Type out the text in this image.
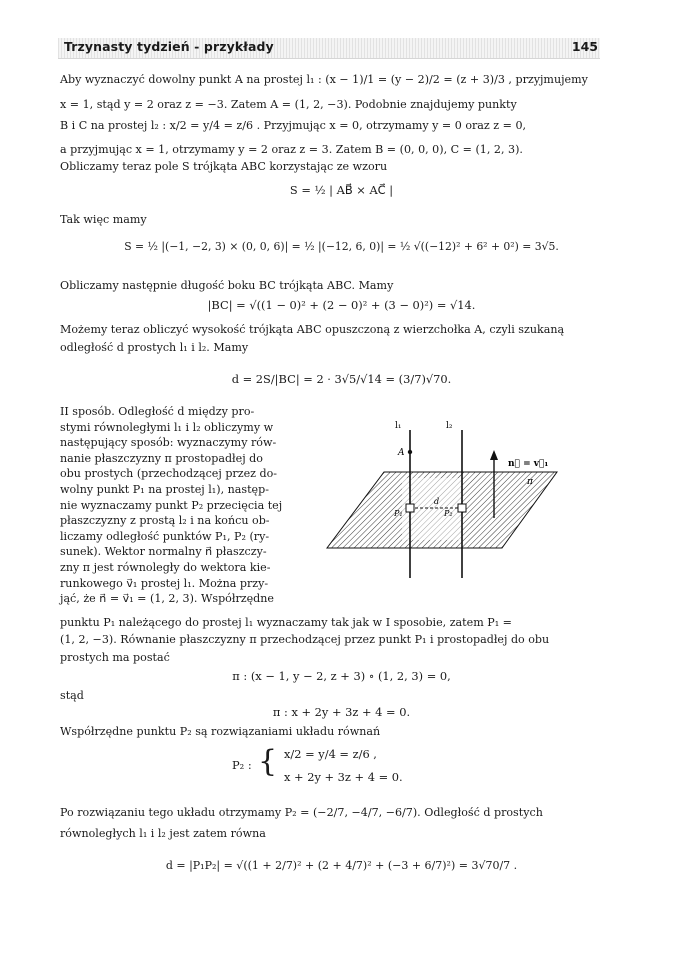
Trzynasty tydzień - przykłady	145
Aby wyznaczyć dowolny punkt A na prostej l₁ : (x − 1)/1 = (y − 2)/2 = (z + 3)/3 , przyjmujemy
x = 1, stąd y = 2 oraz z = −3. Zatem A = (1, 2, −3). Podobnie znajdujemy punkty
B i C na prostej l₂ : x/2 = y/4 = z/6 . Przyjmując x = 0, otrzymamy y = 0 oraz z = 0,
a przyjmując x = 1, otrzymamy y = 2 oraz z = 3. Zatem B = (0, 0, 0), C = (1, 2, 3).
Obliczamy teraz pole S trójkąta ABC korzystając ze wzoru
S = ½ | AB⃗ × AC⃗ |
Tak więc mamy
S = ½ |(−1, −2, 3) × (0, 0, 6)| = ½ |(−12, 6, 0)| = ½ √((−12)² + 6² + 0²) = 3√5.
Obliczamy następnie długość boku BC trójkąta ABC. Mamy
|BC| = √((1 − 0)² + (2 − 0)² + (3 − 0)²) = √14.
Możemy teraz obliczyć wysokość trójkąta ABC opuszczoną z wierzchołka A, czyli szukaną
odległość d prostych l₁ i l₂. Mamy
d = 2S/|BC| = 2 · 3√5/√14 = (3/7)√70.
II sposób. Odległość d między pro-
stymi równoległymi l₁ i l₂ obliczymy w
następujący sposób: wyznaczymy rów-
nanie płaszczyzny π prostopadłej do
obu prostych (przechodzącej przez do-
wolny punkt P₁ na prostej l₁), następ-
nie wyznaczamy punkt P₂ przecięcia tej
płaszczyzny z prostą l₂ i na końcu ob-
liczamy odległość punktów P₁, P₂ (ry-
sunek). Wektor normalny n⃗ płaszczy-
zny π jest równoległy do wektora kie-
runkowego v⃗₁ prostej l₁. Można przy-
jąć, że n⃗ = v⃗₁ = (1, 2, 3). Współrzędne
l₁	l₂
A
d
P₁	P₂
n⃗ = v⃗₁
π
punktu P₁ należącego do prostej l₁ wyznaczamy tak jak w I sposobie, zatem P₁ =
(1, 2, −3). Równanie płaszczyzny π przechodzącej przez punkt P₁ i prostopadłej do obu
prostych ma postać
π : (x − 1, y − 2, z + 3) ∘ (1, 2, 3) = 0,
stąd
π : x + 2y + 3z + 4 = 0.
Współrzędne punktu P₂ są rozwiązaniami układu równań
P₂ : { x/2 = y/4 = z/6 ,
x + 2y + 3z + 4 = 0.
Po rozwiązaniu tego układu otrzymamy P₂ = (−2/7, −4/7, −6/7). Odległość d prostych
równoległych l₁ i l₂ jest zatem równa
d = |P₁P₂| = √((1 + 2/7)² + (2 + 4/7)² + (−3 + 6/7)²) = 3√70/7 .
